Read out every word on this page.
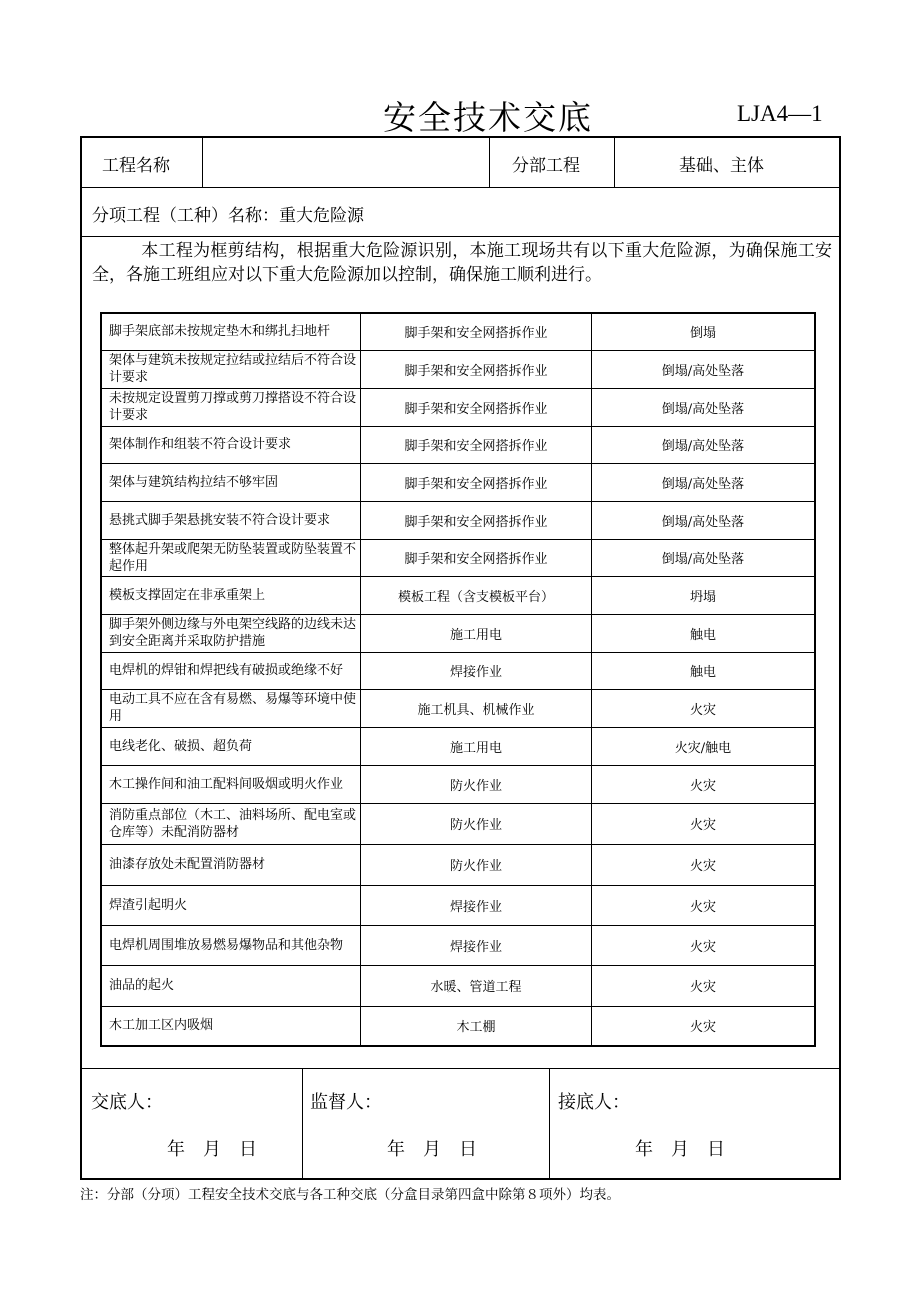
安全技术交底	LJA4—1
工程名称	分部工程	基础、主体
分项工程（工种）名称：重大危险源
本工程为框剪结构，根据重大危险源识别，本施工现场共有以下重大危险源，为确保施工安全，各施工班组应对以下重大危险源加以控制，确保施工顺利进行。
脚手架底部未按规定垫木和绑扎扫地杆	脚手架和安全网搭拆作业	倒塌

架体与建筑未按规定拉结或拉结后不符合设计要求	脚手架和安全网搭拆作业	倒塌/高处坠落

未按规定设置剪刀撑或剪刀撑搭设不符合设计要求	脚手架和安全网搭拆作业	倒塌/高处坠落

架体制作和组装不符合设计要求	脚手架和安全网搭拆作业	倒塌/高处坠落

架体与建筑结构拉结不够牢固	脚手架和安全网搭拆作业	倒塌/高处坠落

悬挑式脚手架悬挑安装不符合设计要求	脚手架和安全网搭拆作业	倒塌/高处坠落

整体起升架或爬架无防坠装置或防坠装置不起作用	脚手架和安全网搭拆作业	倒塌/高处坠落

模板支撑固定在非承重架上	模板工程（含支模板平台）	坍塌

脚手架外侧边缘与外电架空线路的边线未达到安全距离并采取防护措施	施工用电	触电

电焊机的焊钳和焊把线有破损或绝缘不好	焊接作业	触电

电动工具不应在含有易燃、易爆等环境中使用	施工机具、机械作业	火灾

电线老化、破损、超负荷	施工用电	火灾/触电

木工操作间和油工配料间吸烟或明火作业	防火作业	火灾

消防重点部位（木工、油料场所、配电室或仓库等）未配消防器材	防火作业	火灾

油漆存放处未配置消防器材	防火作业	火灾

焊渣引起明火	焊接作业	火灾

电焊机周围堆放易燃易爆物品和其他杂物	焊接作业	火灾

油品的起火	水暖、管道工程	火灾

木工加工区内吸烟	木工棚	火灾
交底人：	监督人：	接底人：
年　月　日	年　月　日	年　月　日
注：分部（分项）工程安全技术交底与各工种交底（分盒目录第四盒中除第８项外）均表。
